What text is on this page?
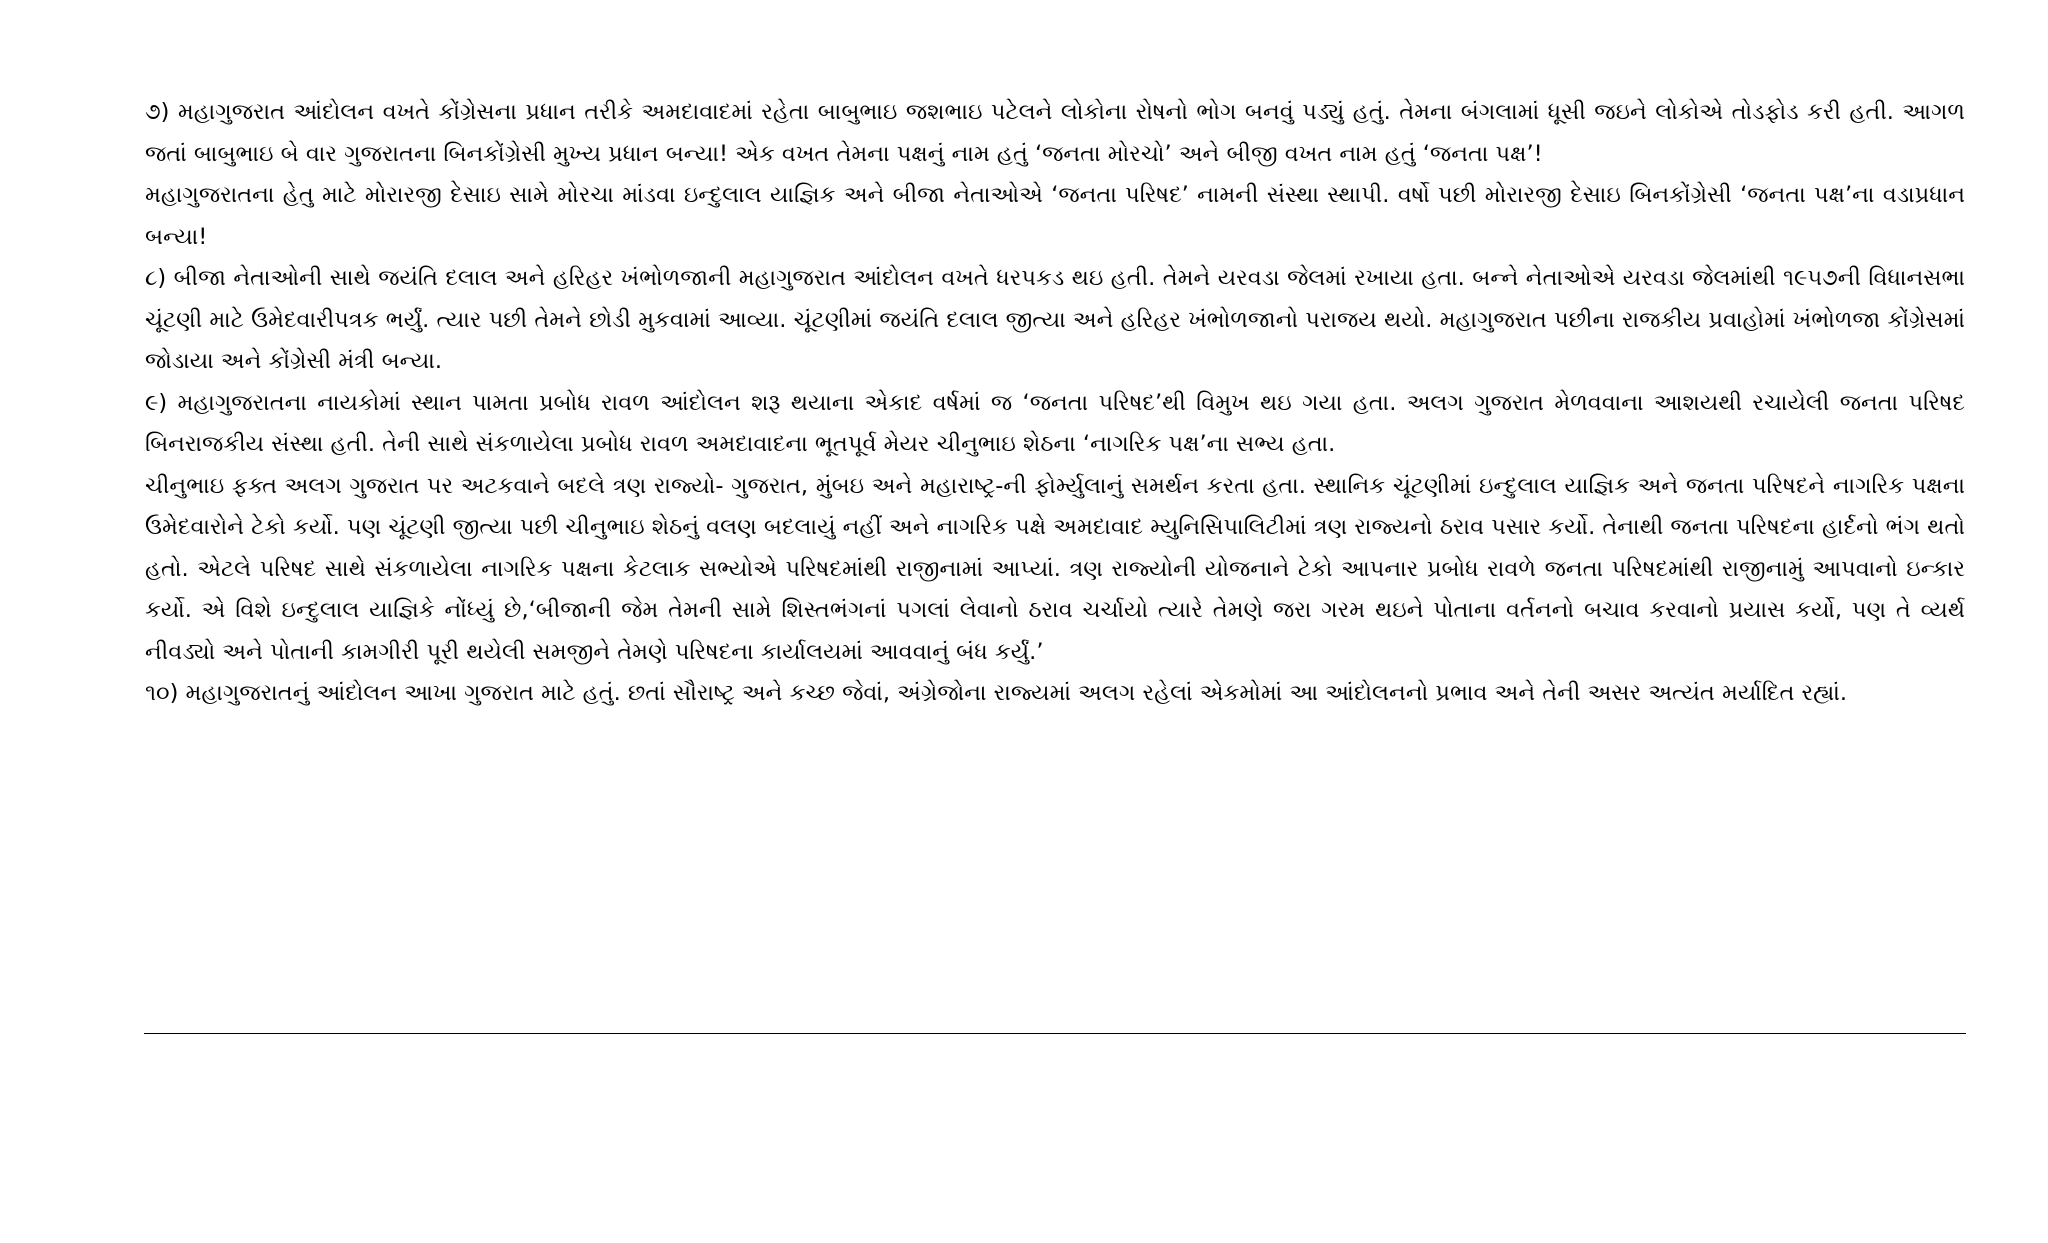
૭) મહાગુજરાત આંદોલન વખતે કોંગ્રેસના પ્રધાન તરીકે અમદાવાદમાં રહેતા બાબુભાઇ જશભાઇ પટેલને લોકોના રોષનો ભોગ બનવું પડ્યું હતું. તેમના બંગલામાં ધૂસી જઇને લોકોએ તોડફોડ કરી હતી. આગળ જતાં બાબુભાઇ બે વાર ગુજરાતના બિનકોંગ્રેસી મુખ્ય પ્રધાન બન્યા! એક વખત તેમના પક્ષનું નામ હતું ‘જનતા મોરચો’ અને બીજી વખત નામ હતું ‘જનતા પક્ષ’!

મહાગુજરાતના હેતુ માટે મોરારજી દેસાઇ સામે મોરચા માંડવા ઇન્દુલાલ યાજ્ઞિક અને બીજા નેતાઓએ ‘જનતા પરિષદ’ નામની સંસ્થા સ્થાપી. વર્ષો પછી મોરારજી દેસાઇ બિનકોંગ્રેસી ‘જનતા પક્ષ’ના વડાપ્રધાન બન્યા!

૮) બીજા નેતાઓની સાથે જયંતિ દલાલ અને હરિહર ખંભોળજાની મહાગુજરાત આંદોલન વખતે ધરપકડ થઇ હતી. તેમને યરવડા જેલમાં રખાયા હતા. બન્ને નેતાઓએ યરવડા જેલમાંથી ૧૯૫૭ની વિધાનસભા ચૂંટણી માટે ઉમેદવારીપત્રક ભર્યું. ત્યાર પછી તેમને છોડી મુકવામાં આવ્યા. ચૂંટણીમાં જયંતિ દલાલ જીત્યા અને હરિહર ખંભોળજાનો પરાજય થયો. મહાગુજરાત પછીના રાજકીય પ્રવાહોમાં ખંભોળજા કોંગ્રેસમાં જોડાયા અને કોંગ્રેસી મંત્રી બન્યા.

૯) મહાગુજરાતના નાયકોમાં સ્થાન પામતા પ્રબોધ રાવળ આંદોલન શરૂ થયાના એકાદ વર્ષમાં જ ‘જનતા પરિષદ’થી વિમુખ થઇ ગયા હતા. અલગ ગુજરાત મેળવવાના આશયથી રચાયેલી જનતા પરિષદ બિનરાજકીય સંસ્થા હતી. તેની સાથે સંકળાયેલા પ્રબોધ રાવળ અમદાવાદના ભૂતપૂર્વ મેયર ચીનુભાઇ શેઠના ‘નાગરિક પક્ષ’ના સભ્ય હતા.

ચીનુભાઇ ફક્ત અલગ ગુજરાત પર અટકવાને બદલે ત્રણ રાજ્યો- ગુજરાત, મુંબઇ અને મહારાષ્ટ્ર-ની ફોર્મ્યુલાનું સમર્થન કરતા હતા. સ્થાનિક ચૂંટણીમાં ઇન્દુલાલ યાજ્ઞિક અને જનતા પરિષદને નાગરિક પક્ષના ઉમેદવારોને ટેકો કર્યો. પણ ચૂંટણી જીત્યા પછી ચીનુભાઇ શેઠનું વલણ બદલાયું નહીં અને નાગરિક પક્ષે અમદાવાદ મ્યુનિસિપાલિટીમાં ત્રણ રાજ્યનો ઠરાવ પસાર કર્યો. તેનાથી જનતા પરિષદના હાર્દનો ભંગ થતો હતો. એટલે પરિષદ સાથે સંકળાયેલા નાગરિક પક્ષના કેટલાક સભ્યોએ પરિષદમાંથી રાજીનામાં આપ્યાં. ત્રણ રાજ્યોની યોજનાને ટેકો આપનાર પ્રબોધ રાવળે જનતા પરિષદમાંથી રાજીનામું આપવાનો ઇન્કાર કર્યો. એ વિશે ઇન્દુલાલ યાજ્ઞિકે નોંધ્યું છે,‘બીજાની જેમ તેમની સામે શિસ્તભંગનાં પગલાં લેવાનો ઠરાવ ચર્ચાયો ત્યારે તેમણે જરા ગરમ થઇને પોતાના વર્તનનો બચાવ કરવાનો પ્રયાસ કર્યો, પણ તે વ્યર્થ નીવડ્યો અને પોતાની કામગીરી પૂરી થયેલી સમજીને તેમણે પરિષદના કાર્યાલયમાં આવવાનું બંધ કર્યું.’

૧૦) મહાગુજરાતનું આંદોલન આખા ગુજરાત માટે હતું. છતાં સૌરાષ્ટ્ર અને કચ્છ જેવાં, અંગ્રેજોના રાજ્યમાં અલગ રહેલાં એકમોમાં આ આંદોલનનો પ્રભાવ અને તેની અસર અત્યંત મર્યાદિત રહ્યાં.
